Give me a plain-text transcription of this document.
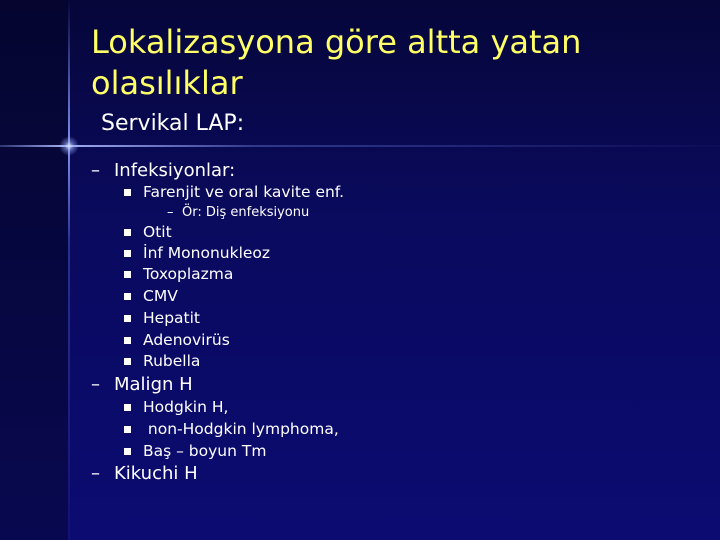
Lokalizasyona göre altta yatan olasılıklar
Servikal LAP:

– Infeksiyonlar:

Farenjit ve oral kavite enf.

– Ör: Diş enfeksiyonu

Otit

İnf Mononukleoz

Toxoplazma

CMV

Hepatit

Adenovirüs

Rubella

– Malign H

Hodgkin H,

non-Hodgkin lymphoma,

Baş – boyun Tm

– Kikuchi H
